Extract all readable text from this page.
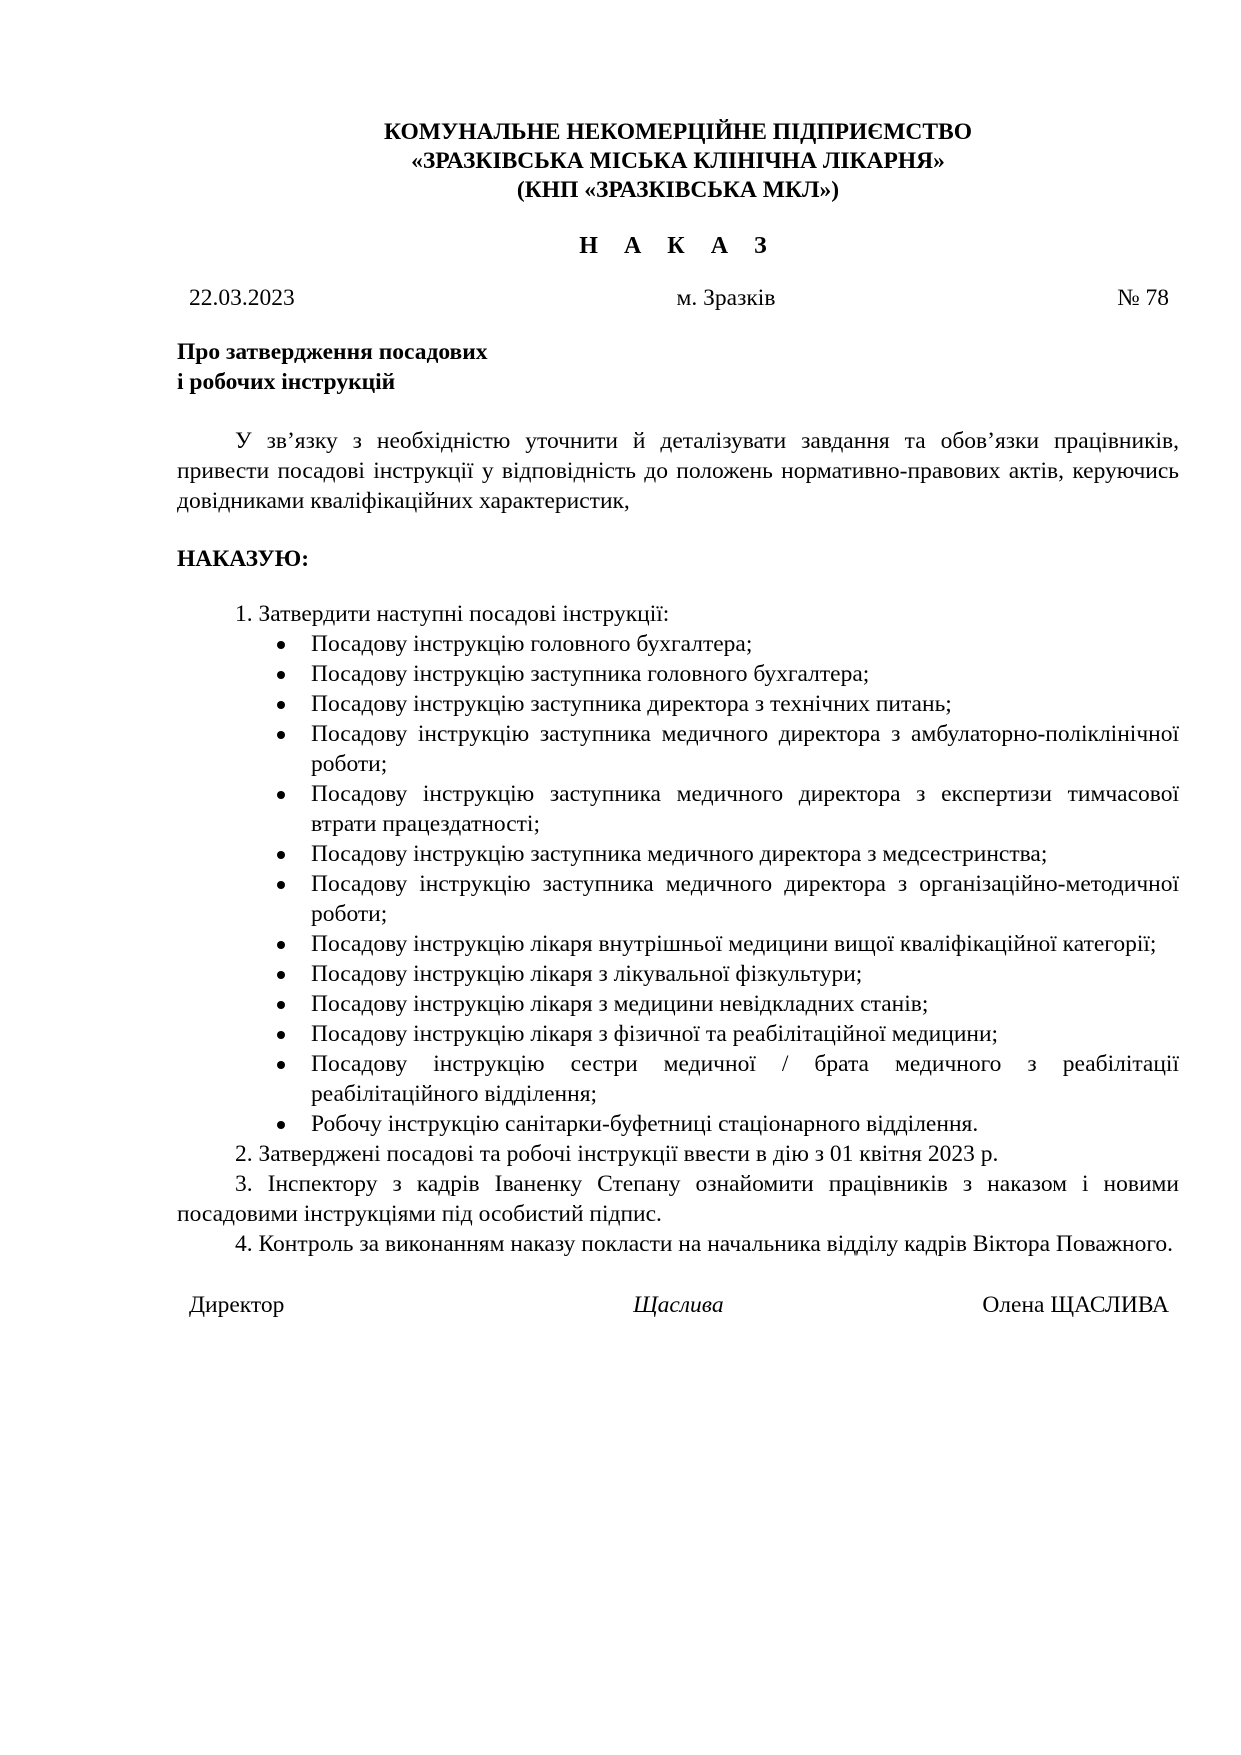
КОМУНАЛЬНЕ НЕКОМЕРЦІЙНЕ ПІДПРИЄМСТВО
«ЗРАЗКІВСЬКА МІСЬКА КЛІНІЧНА ЛІКАРНЯ»
(КНП «ЗРАЗКІВСЬКА МКЛ»)
Н А К А З
22.03.2023	м. Зразків	№ 78
Про затвердження посадових
і робочих інструкцій
У зв’язку з необхідністю уточнити й деталізувати завдання та обов’язки працівників, привести посадові інструкції у відповідність до положень нормативно-правових актів, керуючись довідниками кваліфікаційних характеристик,
НАКАЗУЮ:
1. Затвердити наступні посадові інструкції:
Посадову інструкцію головного бухгалтера;
Посадову інструкцію заступника головного бухгалтера;
Посадову інструкцію заступника директора з технічних питань;
Посадову інструкцію заступника медичного директора з амбулаторно-поліклінічної роботи;
Посадову інструкцію заступника медичного директора з експертизи тимчасової втрати працездатності;
Посадову інструкцію заступника медичного директора з медсестринства;
Посадову інструкцію заступника медичного директора з організаційно-методичної роботи;
Посадову інструкцію лікаря внутрішньої медицини вищої кваліфікаційної категорії;
Посадову інструкцію лікаря з лікувальної фізкультури;
Посадову інструкцію лікаря з медицини невідкладних станів;
Посадову інструкцію лікаря з фізичної та реабілітаційної медицини;
Посадову інструкцію сестри медичної / брата медичного з реабілітації реабілітаційного відділення;
Робочу інструкцію санітарки-буфетниці стаціонарного відділення.
2. Затверджені посадові та робочі інструкції ввести в дію з 01 квітня 2023 р.
3. Інспектору з кадрів Іваненку Степану ознайомити працівників з наказом і новими посадовими інструкціями під особистий підпис.
4. Контроль за виконанням наказу покласти на начальника відділу кадрів Віктора Поважного.
Директор	Щаслива	Олена ЩАСЛИВА
